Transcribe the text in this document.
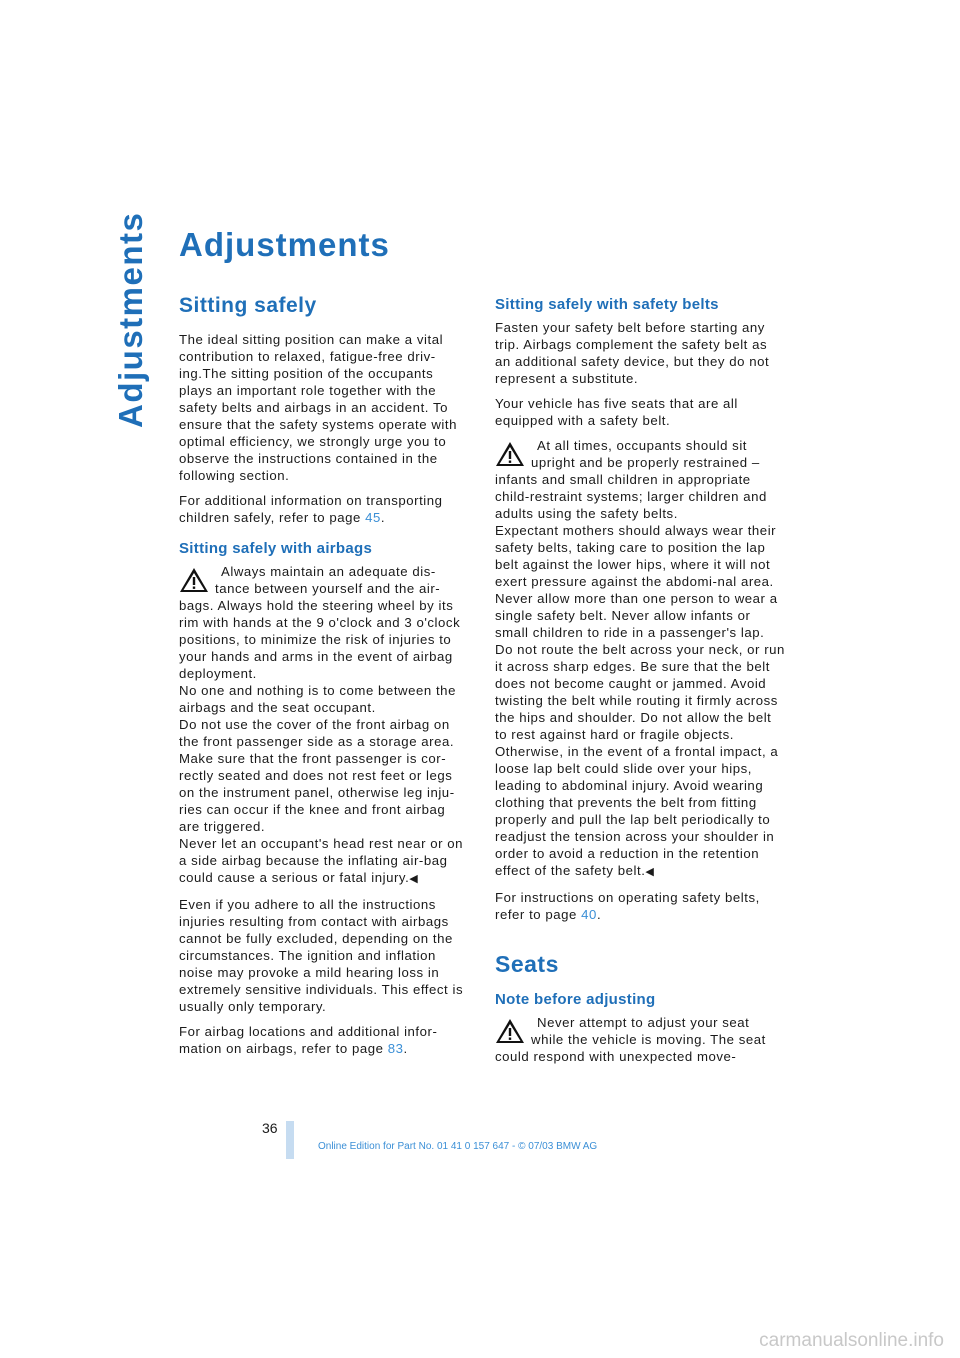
Adjustments Adjustments
Sitting safely

The ideal sitting position can make a vital contribution to relaxed, fatigue-free driv-ing.The sitting position of the occupants plays an important role together with the safety belts and airbags in an accident. To ensure that the safety systems operate with optimal efficiency, we strongly urge you to observe the instructions contained in the following section.

For additional information on transporting children safely, refer to page 45.

Sitting safely with airbags

Always maintain an adequate dis-tance between yourself and the air-bags. Always hold the steering wheel by its rim with hands at the 9 o'clock and 3 o'clock positions, to minimize the risk of injuries to your hands and arms in the event of airbag deployment.

No one and nothing is to come between the airbags and the seat occupant.

Do not use the cover of the front airbag on the front passenger side as a storage area. Make sure that the front passenger is cor-rectly seated and does not rest feet or legs on the instrument panel, otherwise leg inju-ries can occur if the knee and front airbag are triggered.

Never let an occupant's head rest near or on a side airbag because the inflating air-bag could cause a serious or fatal injury.◀

Even if you adhere to all the instructions injuries resulting from contact with airbags cannot be fully excluded, depending on the circumstances. The ignition and inflation noise may provoke a mild hearing loss in extremely sensitive individuals. This effect is usually only temporary.

For airbag locations and additional infor-mation on airbags, refer to page 83.

Sitting safely with safety belts

Fasten your safety belt before starting any trip. Airbags complement the safety belt as an additional safety device, but they do not represent a substitute.

Your vehicle has five seats that are all equipped with a safety belt.

At all times, occupants should sit upright and be properly restrained – infants and small children in appropriate child-restraint systems; larger children and adults using the safety belts.

Expectant mothers should always wear their safety belts, taking care to position the lap belt against the lower hips, where it will not exert pressure against the abdomi-nal area.

Never allow more than one person to wear a single safety belt. Never allow infants or small children to ride in a passenger's lap. Do not route the belt across your neck, or run it across sharp edges. Be sure that the belt does not become caught or jammed. Avoid twisting the belt while routing it firmly across the hips and shoulder. Do not allow the belt to rest against hard or fragile objects. Otherwise, in the event of a frontal impact, a loose lap belt could slide over your hips, leading to abdominal injury. Avoid wearing clothing that prevents the belt from fitting properly and pull the lap belt periodically to readjust the tension across your shoulder in order to avoid a reduction in the retention effect of the safety belt.◀

For instructions on operating safety belts, refer to page 40.

Seats
Note before adjusting

Never attempt to adjust your seat while the vehicle is moving. The seat could respond with unexpected move-

36
Online Edition for Part No. 01 41 0 157 647 - © 07/03 BMW AG
carmanualsonline.info
